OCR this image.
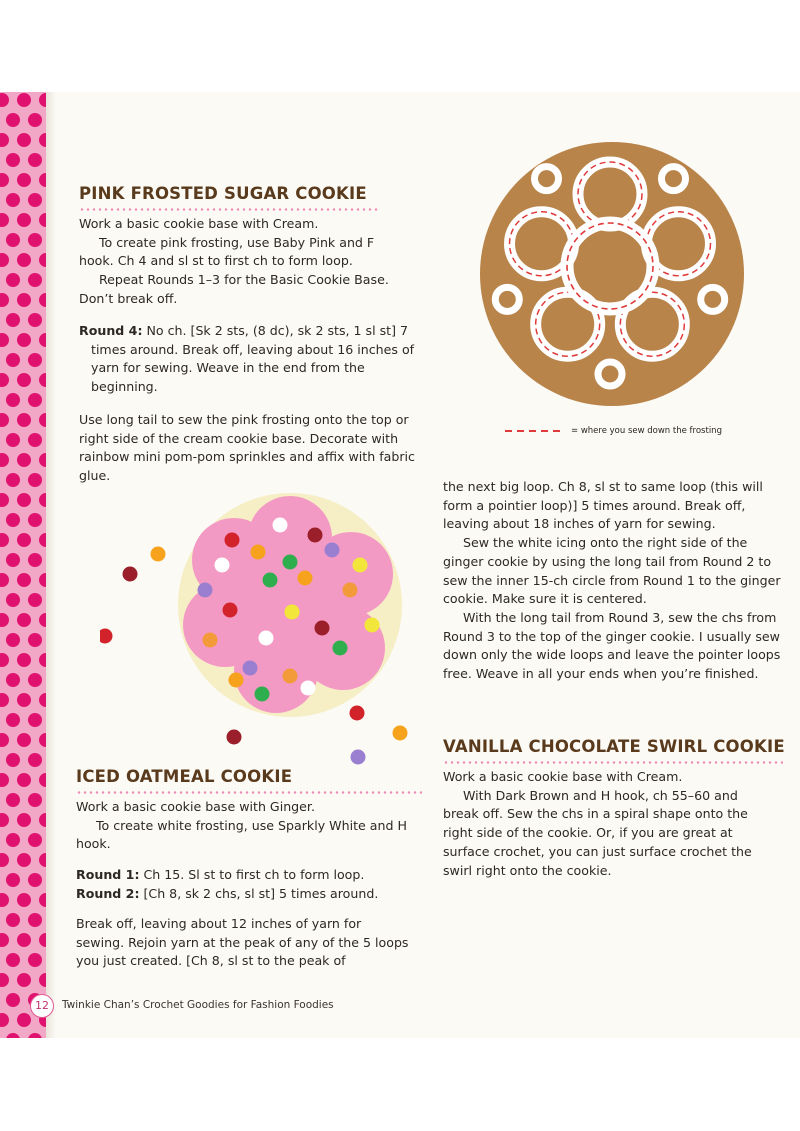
PINK FROSTED SUGAR COOKIE

Work a basic cookie base with Cream.

To create pink frosting, use Baby Pink and F hook. Ch 4 and sl st to first ch to form loop.

Repeat Rounds 1–3 for the Basic Cookie Base. Don’t break off.

Round 4: No ch. [Sk 2 sts, (8 dc), sk 2 sts, 1 sl st] 7 times around. Break off, leaving about 16 inches of yarn for sewing. Weave in the end from the beginning.

Use long tail to sew the pink frosting onto the top or right side of the cream cookie base. Decorate with rainbow mini pom-pom sprinkles and affix with fabric glue.

ICED OATMEAL COOKIE

Work a basic cookie base with Ginger.

To create white frosting, use Sparkly White and H hook.

Round 1: Ch 15. Sl st to first ch to form loop.

Round 2: [Ch 8, sk 2 chs, sl st] 5 times around.

Break off, leaving about 12 inches of yarn for sewing. Rejoin yarn at the peak of any of the 5 loops you just created. [Ch 8, sl st to the peak of

= where you sew down the frosting

the next big loop. Ch 8, sl st to same loop (this will form a pointier loop)] 5 times around. Break off, leaving about 18 inches of yarn for sewing.

Sew the white icing onto the right side of the ginger cookie by using the long tail from Round 2 to sew the inner 15-ch circle from Round 1 to the ginger cookie. Make sure it is centered.

With the long tail from Round 3, sew the chs from Round 3 to the top of the ginger cookie. I usually sew down only the wide loops and leave the pointer loops free. Weave in all your ends when you’re finished.

VANILLA CHOCOLATE SWIRL COOKIE

Work a basic cookie base with Cream.

With Dark Brown and H hook, ch 55–60 and break off. Sew the chs in a spiral shape onto the right side of the cookie. Or, if you are great at surface crochet, you can just surface crochet the swirl right onto the cookie.

12	Twinkie Chan’s Crochet Goodies for Fashion Foodies
